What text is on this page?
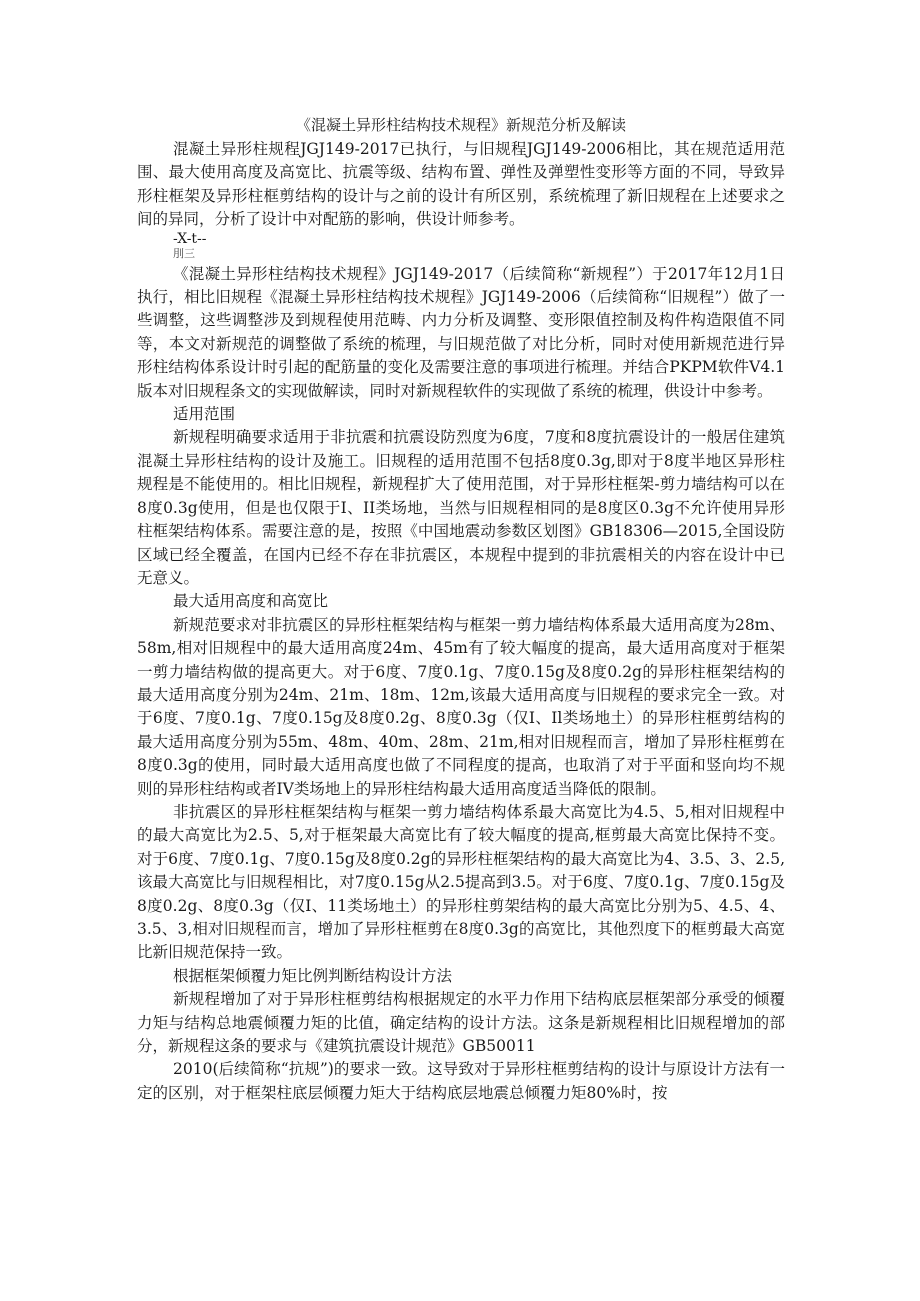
《混凝土异形柱结构技术规程》新规范分析及解读

混凝土异形柱规程JGJ149-2017已执行，与旧规程JGJ149-2006相比，其在规范适用范围、最大使用高度及高宽比、抗震等级、结构布置、弹性及弹塑性变形等方面的不同，导致异形柱框架及异形柱框剪结构的设计与之前的设计有所区别，系统梳理了新旧规程在上述要求之间的异同，分析了设计中对配筋的影响，供设计师参考。

-X-t--
刖三

《混凝土异形柱结构技术规程》JGJ149-2017（后续简称“新规程”）于2017年12月1日执行，相比旧规程《混凝土异形柱结构技术规程》JGJ149-2006（后续简称“旧规程”）做了一些调整，这些调整涉及到规程使用范畴、内力分析及调整、变形限值控制及构件构造限值不同等，本文对新规范的调整做了系统的梳理，与旧规范做了对比分析，同时对使用新规范进行异形柱结构体系设计时引起的配筋量的变化及需要注意的事项进行梳理。并结合PKPM软件V4.1版本对旧规程条文的实现做解读，同时对新规程软件的实现做了系统的梳理，供设计中参考。

适用范围

新规程明确要求适用于非抗震和抗震设防烈度为6度，7度和8度抗震设计的一般居住建筑混凝土异形柱结构的设计及施工。旧规程的适用范围不包括8度0.3g,即对于8度半地区异形柱规程是不能使用的。相比旧规程，新规程扩大了使用范围，对于异形柱框架-剪力墙结构可以在8度0.3g使用，但是也仅限于I、II类场地，当然与旧规程相同的是8度区0.3g不允许使用异形柱框架结构体系。需要注意的是，按照《中国地震动参数区划图》GB18306—2015,全国设防区域已经全覆盖，在国内已经不存在非抗震区，本规程中提到的非抗震相关的内容在设计中已无意义。

最大适用高度和高宽比

新规范要求对非抗震区的异形柱框架结构与框架一剪力墙结构体系最大适用高度为28m、58m,相对旧规程中的最大适用高度24m、45m有了较大幅度的提高，最大适用高度对于框架一剪力墙结构做的提高更大。对于6度、7度0.1g、7度0.15g及8度0.2g的异形柱框架结构的最大适用高度分别为24m、21m、18m、12m,该最大适用高度与旧规程的要求完全一致。对于6度、7度0.1g、7度0.15g及8度0.2g、8度0.3g（仅I、Il类场地土）的异形柱框剪结构的最大适用高度分别为55m、48m、40m、28m、21m,相对旧规程而言，增加了异形柱框剪在8度0.3g的使用，同时最大适用高度也做了不同程度的提高，也取消了对于平面和竖向均不规则的异形柱结构或者IV类场地上的异形柱结构最大适用高度适当降低的限制。

非抗震区的异形柱框架结构与框架一剪力墙结构体系最大高宽比为4.5、5,相对旧规程中的最大高宽比为2.5、5,对于框架最大高宽比有了较大幅度的提高,框剪最大高宽比保持不变。对于6度、7度0.1g、7度0.15g及8度0.2g的异形柱框架结构的最大高宽比为4、3.5、3、2.5,该最大高宽比与旧规程相比，对7度0.15g从2.5提高到3.5。对于6度、7度0.1g、7度0.15g及8度0.2g、8度0.3g（仅I、11类场地土）的异形柱剪架结构的最大高宽比分别为5、4.5、4、3.5、3,相对旧规程而言，增加了异形柱框剪在8度0.3g的高宽比，其他烈度下的框剪最大高宽比新旧规范保持一致。

根据框架倾覆力矩比例判断结构设计方法

新规程增加了对于异形柱框剪结构根据规定的水平力作用下结构底层框架部分承受的倾覆力矩与结构总地震倾覆力矩的比值，确定结构的设计方法。这条是新规程相比旧规程增加的部分，新规程这条的要求与《建筑抗震设计规范》GB50011

2010(后续简称“抗规”)的要求一致。这导致对于异形柱框剪结构的设计与原设计方法有一定的区别，对于框架柱底层倾覆力矩大于结构底层地震总倾覆力矩80%时，按
